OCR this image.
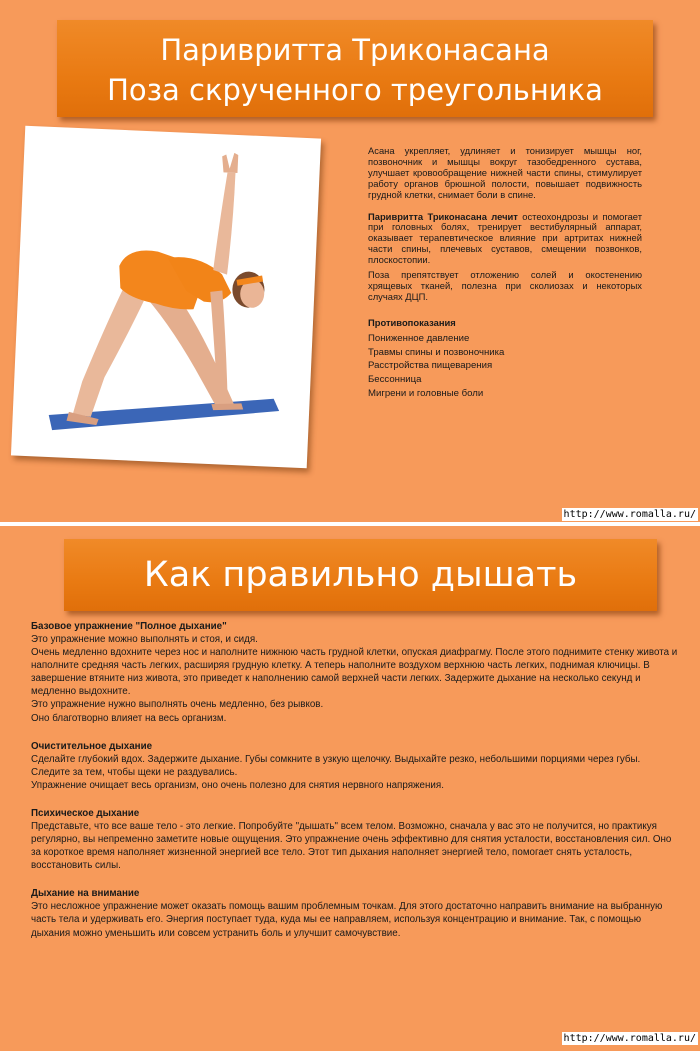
Паривритта Триконасана
Поза скрученного треугольника

Асана укрепляет, удлиняет и тонизирует мышцы ног, позвоночник и мышцы вокруг тазобедренного сустава, улучшает кровообращение нижней части спины, стимулирует работу органов брюшной полости, повышает подвижность грудной клетки, снимает боли в спине.

Паривритта Триконасана лечит остеохондрозы и помогает при головных болях, тренирует вестибулярный аппарат, оказывает терапевтическое влияние при артритах нижней части спины, плечевых суставов, смещении позвонков, плоскостопии.

Поза препятствует отложению солей и окостенению хрящевых тканей, полезна при сколиозах и некоторых случаях ДЦП.

Противопоказания
Пониженное давление
Травмы спины и позвоночника
Расстройства пищеварения
Бессонница
Мигрени и головные боли
http://www.romalla.ru/
Как правильно дышать
Базовое упражнение "Полное дыхание"
Это упражнение можно выполнять и стоя, и сидя.
Очень медленно вдохните через нос и наполните нижнюю часть грудной клетки, опуская диафрагму. После этого поднимите стенку живота и наполните средняя часть легких, расширяя грудную клетку. А теперь наполните воздухом верхнюю часть легких, поднимая ключицы. В завершение втяните низ живота, это приведет к наполнению самой верхней части легких. Задержите дыхание на несколько секунд и медленно выдохните.
Это упражнение нужно выполнять очень медленно, без рывков.
Оно благотворно влияет на весь организм.
Очистительное дыхание
Сделайте глубокий вдох. Задержите дыхание. Губы сомкните в узкую щелочку. Выдыхайте резко, небольшими порциями через губы. Следите за тем, чтобы щеки не раздувались.
Упражнение очищает весь организм, оно очень полезно для снятия нервного напряжения.
Психическое дыхание
Представьте, что все ваше тело - это легкие. Попробуйте "дышать" всем телом. Возможно, сначала у вас это не получится, но практикуя регулярно, вы непременно заметите новые ощущения. Это упражнение очень эффективно для снятия усталости, восстановления сил. Оно за короткое время наполняет жизненной энергией все тело. Этот тип дыхания наполняет энергией тело, помогает снять усталость, восстановить силы.
Дыхание на внимание
Это несложное упражнение может оказать помощь вашим проблемным точкам. Для этого достаточно направить внимание на выбранную часть тела и удерживать его. Энергия поступает туда, куда мы ее направляем, используя концентрацию и внимание. Так, с помощью дыхания можно уменьшить или совсем устранить боль и улучшит самочувствие.
http://www.romalla.ru/
